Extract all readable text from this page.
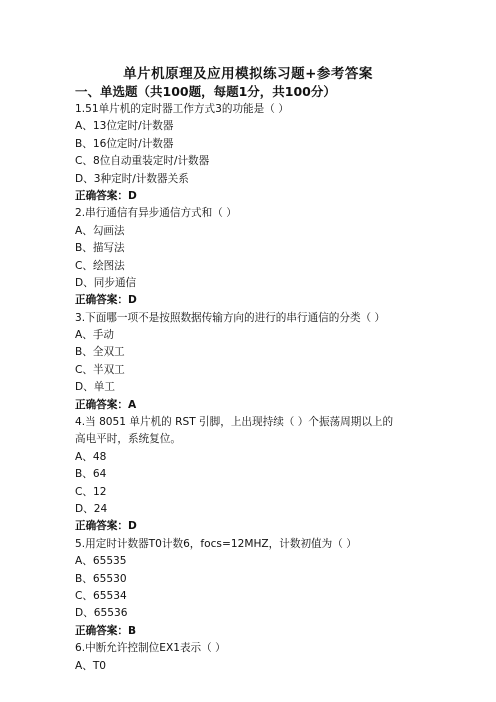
单片机原理及应用模拟练习题+参考答案
一、单选题（共100题，每题1分，共100分）
1.51单片机的定时器工作方式3的功能是（ ）
A、13位定时/计数器
B、16位定时/计数器
C、8位自动重装定时/计数器
D、3种定时/计数器关系
正确答案：D
2.串行通信有异步通信方式和（ ）
A、勾画法
B、描写法
C、绘图法
D、同步通信
正确答案：D
3.下面哪一项不是按照数据传输方向的进行的串行通信的分类（ ）
A、手动
B、全双工
C、半双工
D、单工
正确答案：A
4.当 8051 单片机的 RST 引脚，上出现持续（ ）个振荡周期以上的
高电平时，系统复位。
A、48
B、64
C、12
D、24
正确答案：D
5.用定时计数器T0计数6，focs=12MHZ，计数初值为（ ）
A、65535
B、65530
C、65534
D、65536
正确答案：B
6.中断允许控制位EX1表示（ ）
A、T0
